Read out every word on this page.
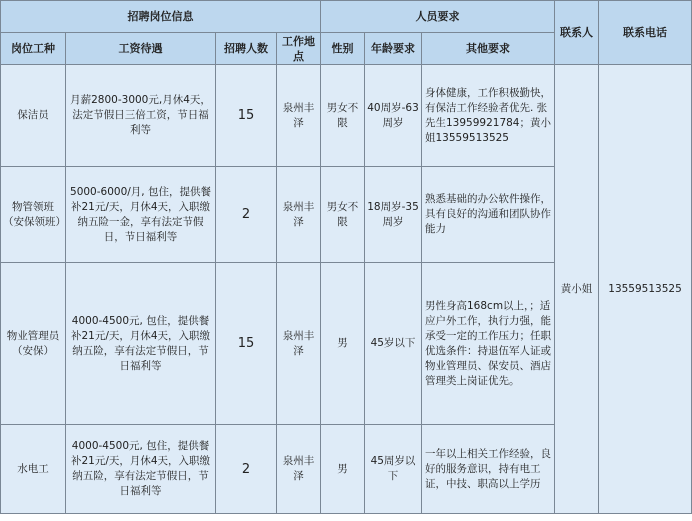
招聘岗位信息				人员要求			联系人	联系电话
岗位工种	工资待遇	招聘人数	工作地点	性别	年龄要求	其他要求		
保洁员	月薪2800-3000元,月休4天，法定节假日三倍工资，节日福利等	15	泉州丰泽	男女不限	40周岁-63周岁	身体健康，工作积极勤快，有保洁工作经验者优先. 张先生13959921784；黄小姐13559513525	黄小姐	13559513525
物管领班（安保领班）	5000-6000/月, 包住，提供餐补21元/天，月休4天，入职缴纳五险一金，享有法定节假日，节日福利等	2	泉州丰泽	男女不限	18周岁-35周岁	熟悉基础的办公软件操作，具有良好的沟通和团队协作能力		
物业管理员（安保）	4000-4500元, 包住，提供餐补21元/天，月休4天，入职缴纳五险，享有法定节假日，节日福利等	15	泉州丰泽	男	45岁以下	男性身高168cm以上，；适应户外工作，执行力强，能承受一定的工作压力；任职优选条件：持退伍军人证或物业管理员、保安员、酒店管理类上岗证优先。		
水电工	4000-4500元, 包住，提供餐补21元/天，月休4天，入职缴纳五险，享有法定节假日，节日福利等	2	泉州丰泽	男	45周岁以下	一年以上相关工作经验，良好的服务意识，持有电工证，中技、职高以上学历		
